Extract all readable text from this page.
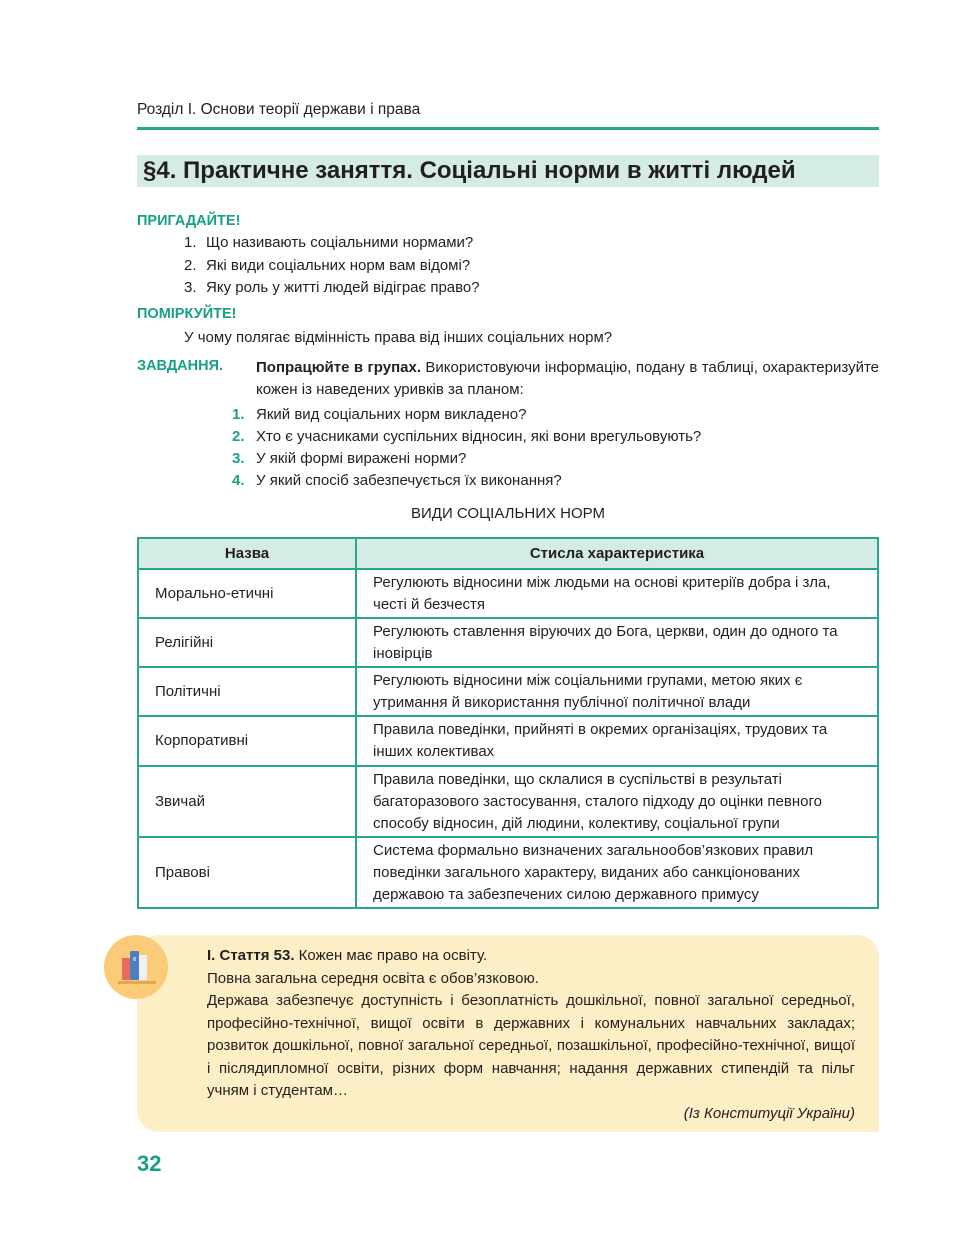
Розділ І. Основи теорії держави і права
§4. Практичне заняття. Соціальні норми в житті людей
ПРИГАДАЙТЕ!
1. Що називають соціальними нормами?
2. Які види соціальних норм вам відомі?
3. Яку роль у житті людей відіграє право?
ПОМІРКУЙТЕ!
У чому полягає відмінність права від інших соціальних норм?
ЗАВДАННЯ. Попрацюйте в групах. Використовуючи інформацію, подану в таблиці, охарактеризуйте кожен із наведених уривків за планом:
1. Який вид соціальних норм викладено?
2. Хто є учасниками суспільних відносин, які вони врегульовують?
3. У якій формі виражені норми?
4. У який спосіб забезпечується їх виконання?
ВИДИ СОЦІАЛЬНИХ НОРМ
Назва	Стисла характеристика
Морально-етичні	Регулюють відносини між людьми на основі критеріїв добра і зла, честі й безчестя
Релігійні	Регулюють ставлення віруючих до Бога, церкви, один до одного та іновірців
Політичні	Регулюють відносини між соціальними групами, метою яких є утримання й використання публічної політичної влади
Корпоративні	Правила поведінки, прийняті в окремих організаціях, трудових та інших колективах
Звичай	Правила поведінки, що склалися в суспільстві в результаті багаторазового застосування, сталого підходу до оцінки певного способу відносин, дій людини, колективу, соціальної групи
Правові	Система формально визначених загальнообов’язкових правил поведінки загального характеру, виданих або санкціонованих державою та забезпечених силою державного примусу

І. Стаття 53. Кожен має право на освіту.

Повна загальна середня освіта є обов’язковою.

Держава забезпечує доступність і безоплатність дошкільної, повної загальної середньої, професійно-технічної, вищої освіти в державних і комунальних навчальних закладах; розвиток дошкільної, повної загальної середньої, позашкільної, професійно-технічної, вищої і післядипломної освіти, різних форм навчання; надання державних стипендій та пільг учням і студентам…

(Із Конституції України)

32
